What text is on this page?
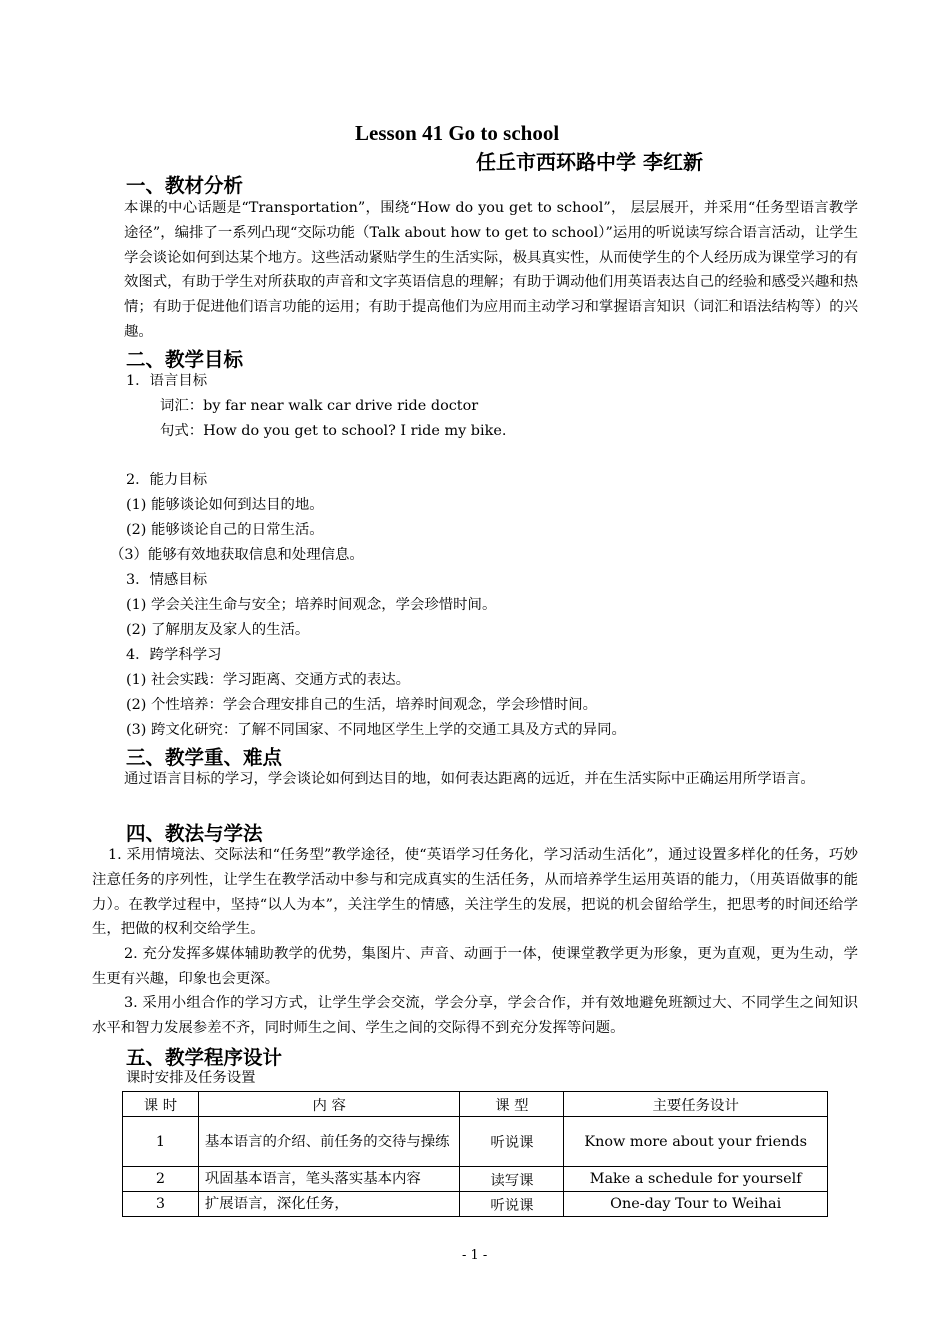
Lesson 41 Go to school
任丘市西环路中学 李红新
一、教材分析
本课的中心话题是“Transportation”，围绕“How do you get to school”， 层层展开，并采用“任务型语言教学途径”，编排了一系列凸现“交际功能（Talk about how to get to school）”运用的听说读写综合语言活动，让学生学会谈论如何到达某个地方。这些活动紧贴学生的生活实际，极具真实性，从而使学生的个人经历成为课堂学习的有效图式，有助于学生对所获取的声音和文字英语信息的理解；有助于调动他们用英语表达自己的经验和感受兴趣和热情；有助于促进他们语言功能的运用；有助于提高他们为应用而主动学习和掌握语言知识（词汇和语法结构等）的兴趣。
二、教学目标
1．语言目标
词汇：by far near walk car drive ride doctor
句式：How do you get to school? I ride my bike.
2．能力目标
(1) 能够谈论如何到达目的地。
(2) 能够谈论自己的日常生活。
（3）能够有效地获取信息和处理信息。
3．情感目标
(1) 学会关注生命与安全；培养时间观念，学会珍惜时间。
(2) 了解朋友及家人的生活。
4．跨学科学习
(1) 社会实践：学习距离、交通方式的表达。
(2) 个性培养：学会合理安排自己的生活，培养时间观念，学会珍惜时间。
(3) 跨文化研究：了解不同国家、不同地区学生上学的交通工具及方式的异同。
三、教学重、难点
通过语言目标的学习，学会谈论如何到达目的地，如何表达距离的远近，并在生活实际中正确运用所学语言。
四、教法与学法
1. 采用情境法、交际法和“任务型”教学途径，使“英语学习任务化，学习活动生活化”，通过设置多样化的任务，巧妙注意任务的序列性，让学生在教学活动中参与和完成真实的生活任务，从而培养学生运用英语的能力，（用英语做事的能力）。在教学过程中，坚持“以人为本”，关注学生的情感，关注学生的发展，把说的机会留给学生，把思考的时间还给学生，把做的权利交给学生。
2. 充分发挥多媒体辅助教学的优势，集图片、声音、动画于一体，使课堂教学更为形象，更为直观，更为生动，学生更有兴趣，印象也会更深。
3. 采用小组合作的学习方式，让学生学会交流，学会分享，学会合作，并有效地避免班额过大、不同学生之间知识水平和智力发展参差不齐，同时师生之间、学生之间的交际得不到充分发挥等问题。
五、教学程序设计
课时安排及任务设置
课 时	内 容	课 型	主要任务设计
1	基本语言的介绍、前任务的交待与操练	听说课	Know more about your friends
2	巩固基本语言，笔头落实基本内容	读写课	Make a schedule for yourself
3	扩展语言，深化任务，	听说课	One-day Tour to Weihai
- 1 -
